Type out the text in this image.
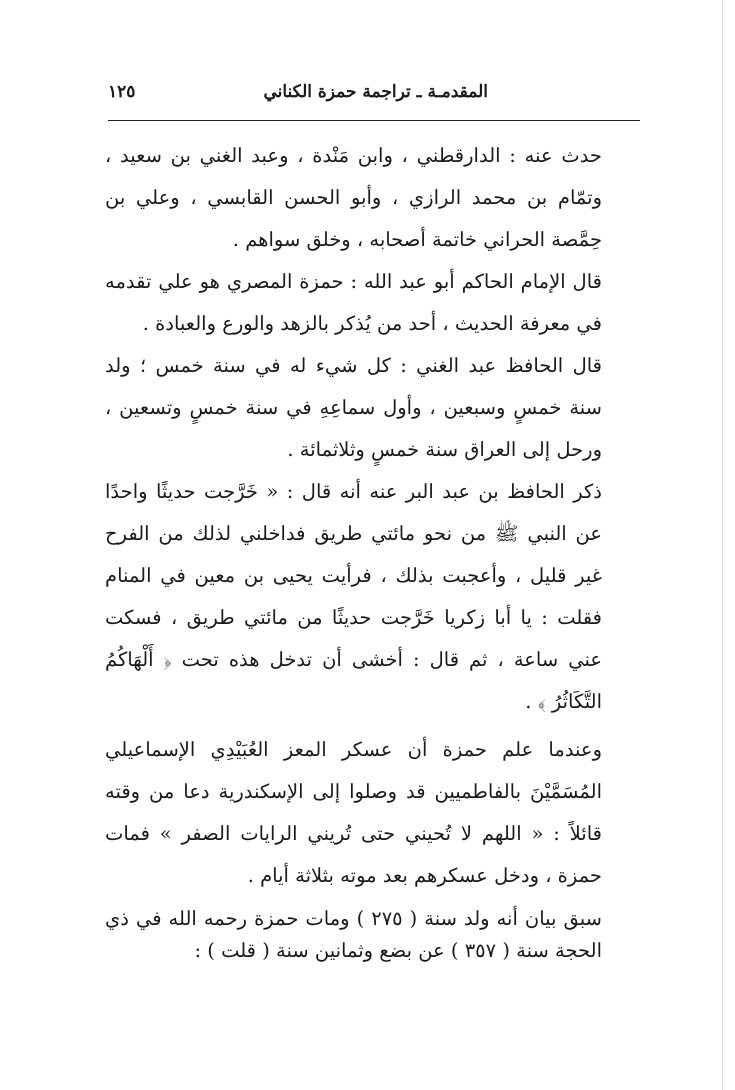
المقدمـة ـ تراجمة حمزة الكناني
١٢٥

حدث عنه : الدارقطني ، وابن مَنْدة ، وعبد الغني بن سعيد ، وتمّام بن محمد الرازي ، وأبو الحسن القابسي ، وعلي بن حِمَّصة الحراني خاتمة أصحابه ، وخلق سواهم .

قال الإمام الحاكم أبو عبد الله : حمزة المصري هو علي تقدمه في معرفة الحديث ، أحد من يُذكر بالزهد والورع والعبادة .

قال الحافظ عبد الغني : كل شيء له في سنة خمس ؛ ولد سنة خمسٍ وسبعين ، وأول سماعِهِ في سنة خمسٍ وتسعين ، ورحل إلى العراق سنة خمسٍ وثلاثمائة .

ذكر الحافظ بن عبد البر عنه أنه قال : « خَرَّجت حديثًا واحدًا عن النبي ﷺ من نحو مائتي طريق فداخلني لذلك من الفرح غير قليل ، وأعجبت بذلك ، فرأيت يحيى بن معين في المنام فقلت : يا أبا زكريا خَرَّجت حديثًا من مائتي طريق ، فسكت عني ساعة ، ثم قال : أخشى أن تدخل هذه تحت ﴿ أَلْهَاكُمُ التَّكَاثُرُ ﴾ .

وعندما علم حمزة أن عسكر المعز العُبَيْدِي الإسماعيلي المُسَمَّيْنَ بالفاطميين قد وصلوا إلى الإسكندرية دعا من وقته قائلاً : « اللهم لا تُحيني حتى تُريني الرايات الصفر » فمات حمزة ، ودخل عسكرهم بعد موته بثلاثة أيام .

سبق بيان أنه ولد سنة ( ٢٧٥ ) ومات حمزة رحمه الله في ذي الحجة سنة ( ٣٥٧ ) عن بضع وثمانين سنة ( قلت ) :
